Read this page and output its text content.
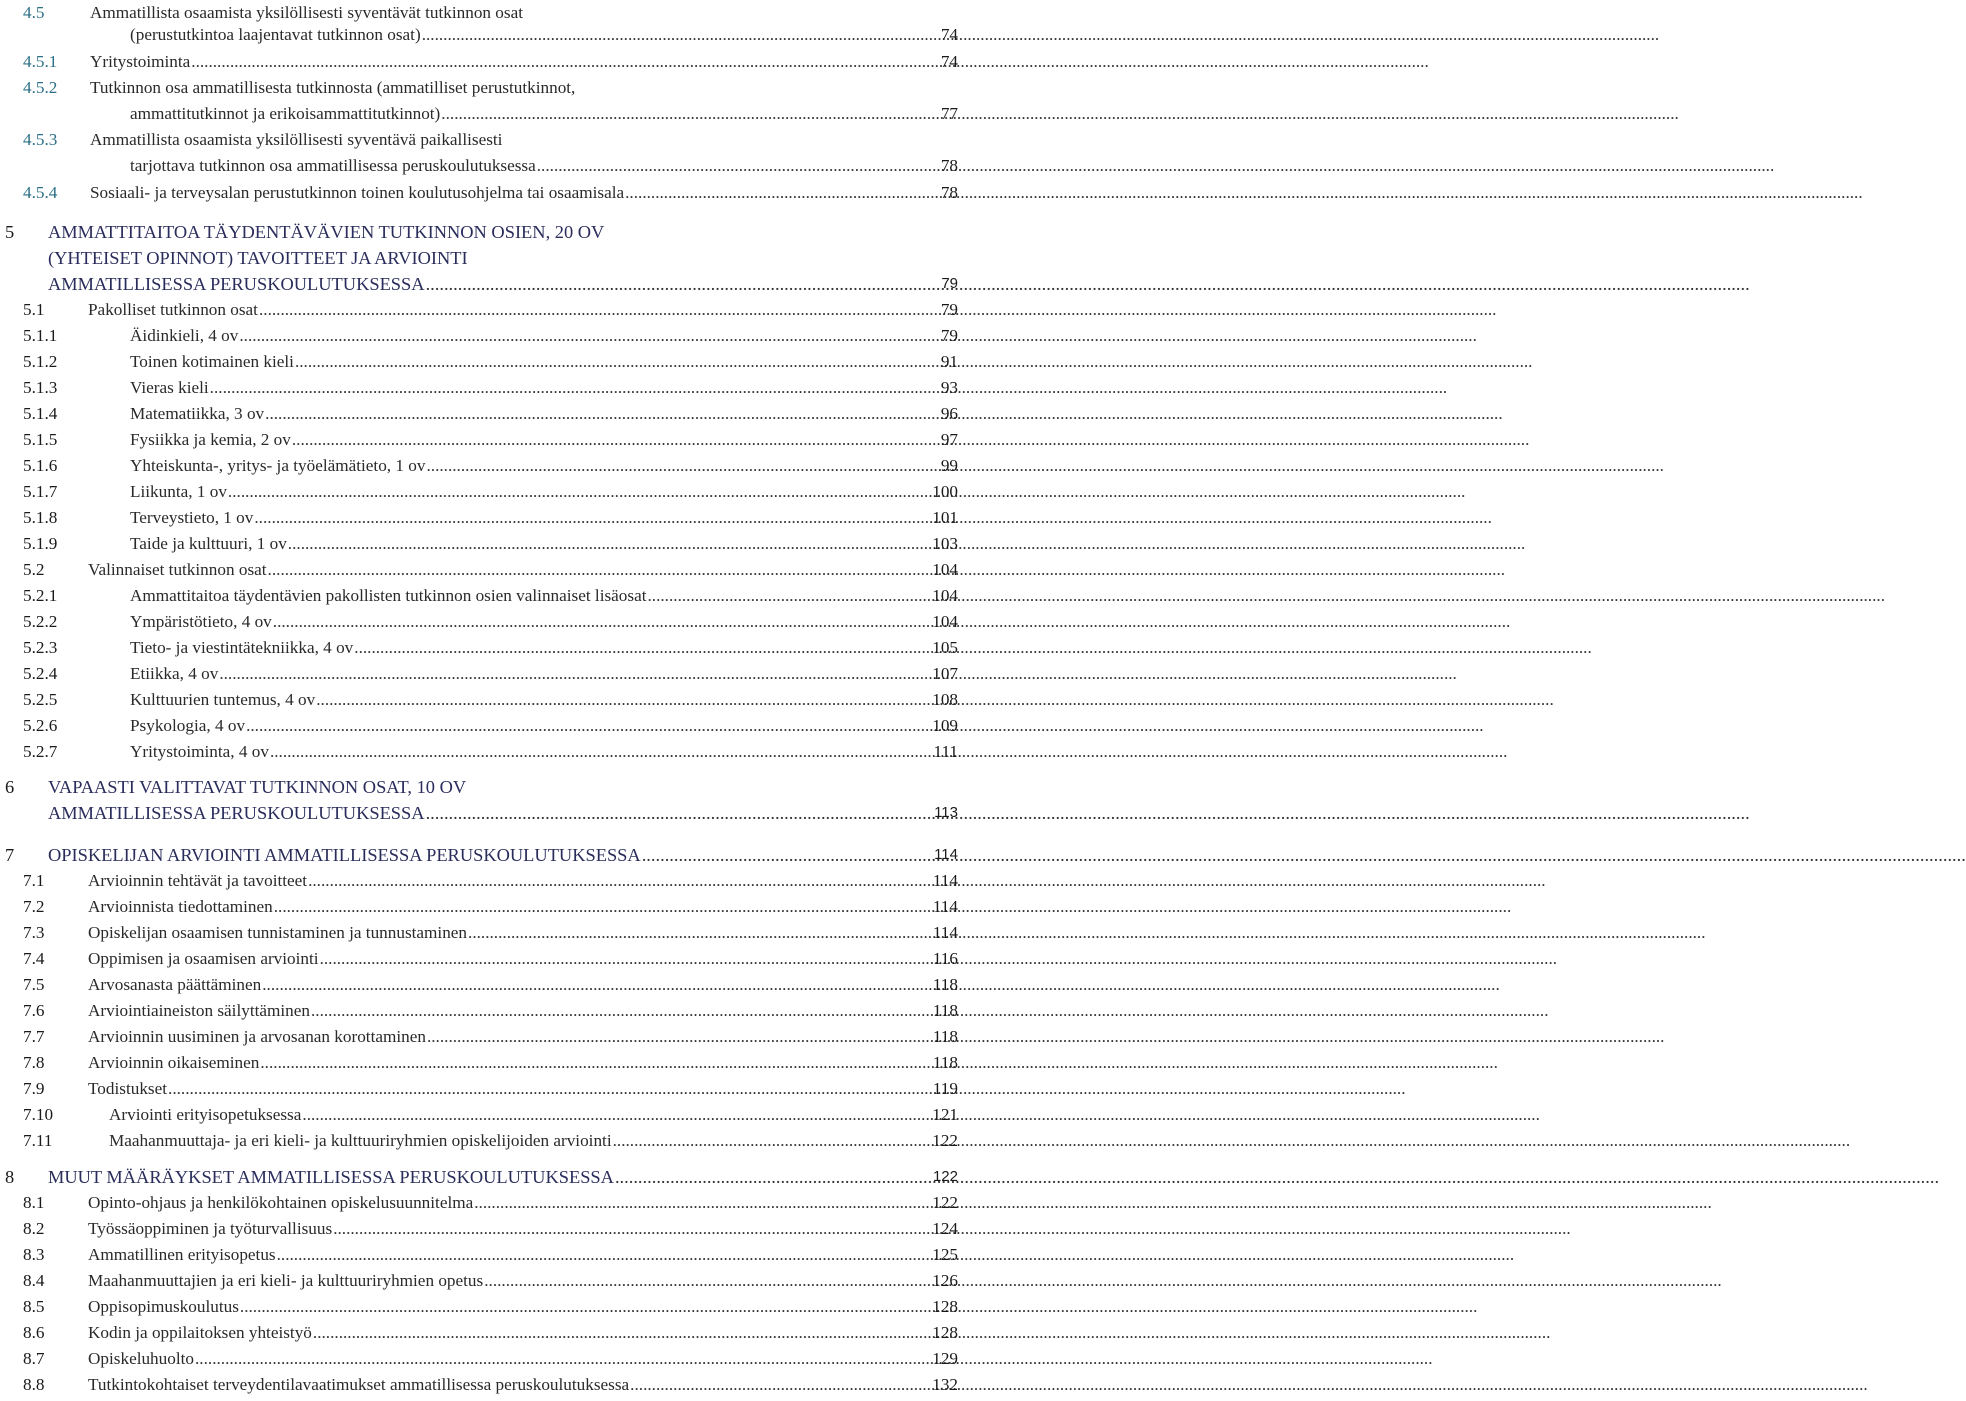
4.5	Ammatillista osaamista yksilöllisesti syventävät tutkinnon osat
(perustutkintoa laajentavat tutkinnon osat) .....	74
4.5.1 Yritystoiminta .....	74
4.5.2 Tutkinnon osa ammatillisesta tutkinnosta (ammatilliset perustutkinnot,
ammattitutkinnot ja erikoisammattitutkinnot) .....	77
4.5.3 Ammatillista osaamista yksilöllisesti syventävä paikallisesti
tarjottava tutkinnon osa ammatillisessa peruskoulutuksessa .....	78
4.5.4 Sosiaali- ja terveysalan perustutkinnon toinen koulutusohjelma tai osaamisala .....	78
5 AMMATTITAITOA TÄYDENTÄVÄVIEN TUTKINNON OSIEN, 20 OV
(YHTEISET OPINNOT) TAVOITTEET JA ARVIOINTI
AMMATILLISESSA PERUSKOULUTUKSESSA .....	79
5.1	Pakolliset tutkinnon osat .....	79
5.1.1	Äidinkieli, 4 ov .....	79
5.1.2	Toinen kotimainen kieli .....	91
5.1.3	Vieras kieli .....	93
5.1.4	Matematiikka, 3 ov .....	96
5.1.5	Fysiikka ja kemia, 2 ov .....	97
5.1.6	Yhteiskunta-, yritys- ja työelämätieto, 1 ov .....	99
5.1.7	Liikunta, 1 ov .....	100
5.1.8	Terveystieto, 1 ov .....	101
5.1.9	Taide ja kulttuuri, 1 ov .....	103
5.2	Valinnaiset tutkinnon osat .....	104
5.2.1	Ammattitaitoa täydentävien pakollisten tutkinnon osien valinnaiset lisäosat .....	104
5.2.2	Ympäristötieto, 4 ov .....	104
5.2.3	Tieto- ja viestintätekniikka, 4 ov .....	105
5.2.4	Etiikka, 4 ov .....	107
5.2.5	Kulttuurien tuntemus, 4 ov .....	108
5.2.6	Psykologia, 4 ov .....	109
5.2.7	Yritystoiminta, 4 ov .....	111
6 VAPAASTI VALITTAVAT TUTKINNON OSAT, 10 OV
AMMATILLISESSA PERUSKOULUTUKSESSA .....	113
7 OPISKELIJAN ARVIOINTI AMMATILLISESSA PERUSKOULUTUKSESSA .....	114
7.1	Arvioinnin tehtävät ja tavoitteet .....	114
7.2	Arvioinnista tiedottaminen .....	114
7.3	Opiskelijan osaamisen tunnistaminen ja tunnustaminen .....	114
7.4	Oppimisen ja osaamisen arviointi .....	116
7.5	Arvosanasta päättäminen .....	118
7.6	Arviointiaineiston säilyttäminen .....	118
7.7	Arvioinnin uusiminen ja arvosanan korottaminen .....	118
7.8	Arvioinnin oikaiseminen .....	118
7.9	Todistukset .....	119
7.10	Arviointi erityisopetuksessa .....	121
7.11	Maahanmuuttaja- ja eri kieli- ja kulttuuriryhmien opiskelijoiden arviointi .....	122
8 MUUT MÄÄRÄYKSET AMMATILLISESSA PERUSKOULUTUKSESSA .....	122
8.1	Opinto-ohjaus ja henkilökohtainen opiskelusuunnitelma .....	122
8.2	Työssäoppiminen ja työturvallisuus .....	124
8.3	Ammatillinen erityisopetus .....	125
8.4	Maahanmuuttajien ja eri kieli- ja kulttuuriryhmien opetus .....	126
8.5	Oppisopimuskoulutus .....	128
8.6	Kodin ja oppilaitoksen yhteistyö .....	128
8.7	Opiskeluhuolto .....	129
8.8	Tutkintokohtaiset terveydentilavaatimukset ammatillisessa peruskoulutuksessa .....	132
